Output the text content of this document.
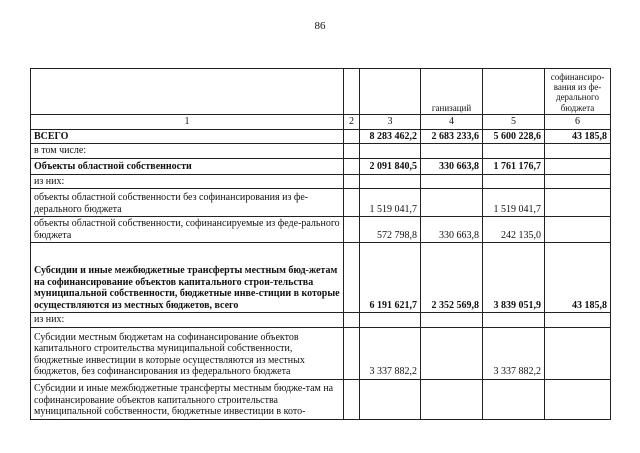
86
			ганизаций		софинансиро-вания из фе-дерального бюджета
1	2	3	4	5	6
ВСЕГО		8 283 462,2	2 683 233,6	5 600 228,6	43 185,8
в том числе:					
Объекты областной собственности		2 091 840,5	330 663,8	1 761 176,7	
из них:					
объекты областной собственности без софинансирования из фе-дерального бюджета		1 519 041,7		1 519 041,7	
объекты областной собственности, софинансируемые из феде-рального бюджета		572 798,8	330 663,8	242 135,0	
Субсидии и иные межбюджетные трансферты местным бюд-жетам на софинансирование объектов капитального строи-тельства муниципальной собственности, бюджетные инве-стиции в которые осуществляются из местных бюджетов, всего		6 191 621,7	2 352 569,8	3 839 051,9	43 185,8
из них:					
Субсидии местным бюджетам на софинансирование объектов капитального строительства муниципальной собственности, бюджетные инвестиции в которые осуществляются из местных бюджетов, без софинансирования из федерального бюджета		3 337 882,2		3 337 882,2	
Субсидии и иные межбюджетные трансферты местным бюдже-там на софинансирование объектов капитального строительства муниципальной собственности, бюджетные инвестиции в кото-					
